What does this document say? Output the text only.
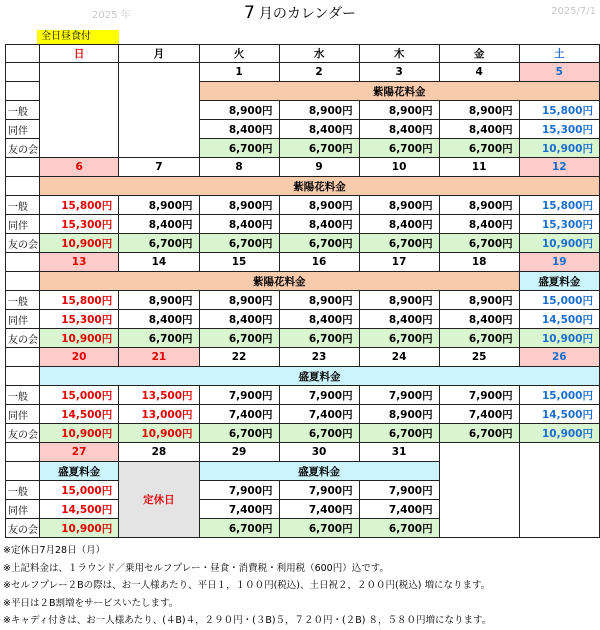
2025 年	7 月のカレンダー	2025/7/1
全日昼食付
	日	月	火	水	木	金	土
			1	2	3	4	5
			紫陽花料金				
一般			8,900円	8,900円	8,900円	8,900円	15,800円
同伴			8,400円	8,400円	8,400円	8,400円	15,300円
友の会			6,700円	6,700円	6,700円	6,700円	10,900円
	6	7	8	9	10	11	12
	紫陽花料金						
一般	15,800円	8,900円	8,900円	8,900円	8,900円	8,900円	15,800円
同伴	15,300円	8,400円	8,400円	8,400円	8,400円	8,400円	15,300円
友の会	10,900円	6,700円	6,700円	6,700円	6,700円	6,700円	10,900円
	13	14	15	16	17	18	19
	紫陽花料金						盛夏料金
一般	15,800円	8,900円	8,900円	8,900円	8,900円	8,900円	15,000円
同伴	15,300円	8,400円	8,400円	8,400円	8,400円	8,400円	14,500円
友の会	10,900円	6,700円	6,700円	6,700円	6,700円	6,700円	10,900円
	20	21	22	23	24	25	26
	盛夏料金						
一般	15,000円	13,500円	7,900円	7,900円	7,900円	7,900円	15,000円
同伴	14,500円	13,000円	7,400円	7,400円	8,900円	7,400円	14,500円
友の会	10,900円	10,900円	6,700円	6,700円	6,700円	6,700円	10,900円
	27	28	29	30	31		
	盛夏料金	定休日	盛夏料金				
一般	15,000円		7,900円	7,900円	7,900円		
同伴	14,500円		7,400円	7,400円	7,400円		
友の会	10,900円		6,700円	6,700円	6,700円		
※定休日7月28日（月）
※上記料金は、１ラウンド／乗用セルフプレー・昼食・消費税・利用税（600円）込です。
※セルフプレー２Bの際は、お一人様あたり、平日１，１００円(税込)、土日祝２，２００円(税込) 増になります。
※平日は２B割増をサービスいたします。
※キャディ付きは、お一人様あたり、(４B)４，２９０円・(３B)５，７２０円・(２B) ８，５８０円増になります。
